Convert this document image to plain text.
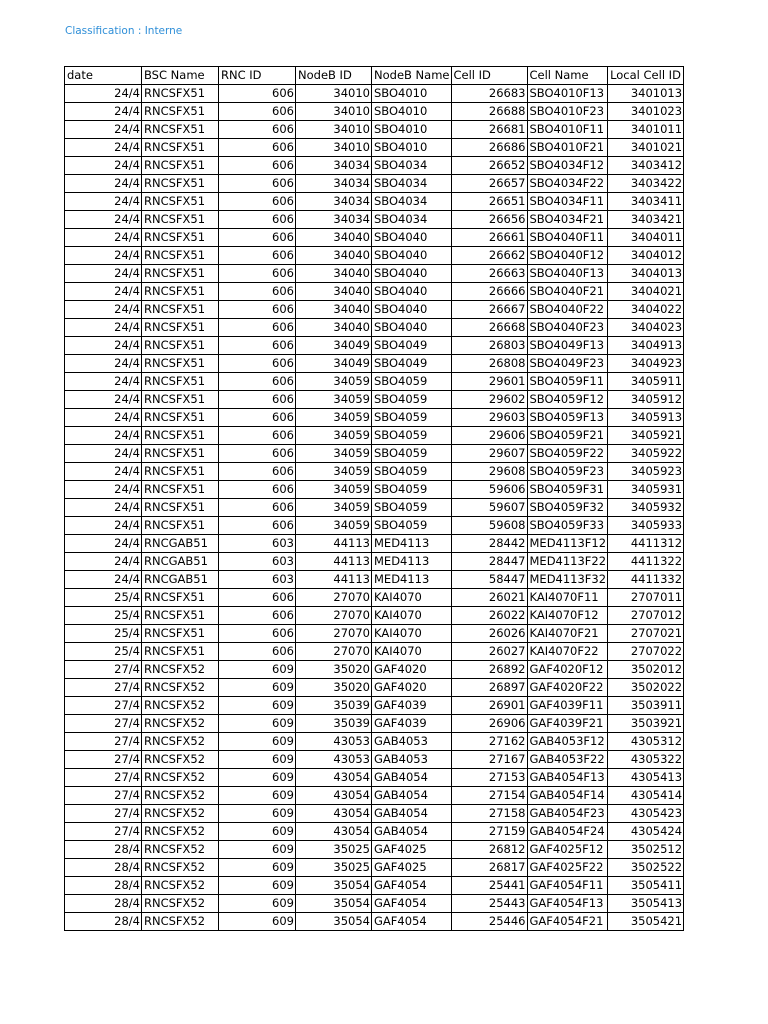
Classification : Interne
date	BSC Name	RNC ID	NodeB ID	NodeB Name	Cell ID	Cell Name	Local Cell ID
24/4	RNCSFX51	606	34010	SBO4010	26683	SBO4010F13	3401013
24/4	RNCSFX51	606	34010	SBO4010	26688	SBO4010F23	3401023
24/4	RNCSFX51	606	34010	SBO4010	26681	SBO4010F11	3401011
24/4	RNCSFX51	606	34010	SBO4010	26686	SBO4010F21	3401021
24/4	RNCSFX51	606	34034	SBO4034	26652	SBO4034F12	3403412
24/4	RNCSFX51	606	34034	SBO4034	26657	SBO4034F22	3403422
24/4	RNCSFX51	606	34034	SBO4034	26651	SBO4034F11	3403411
24/4	RNCSFX51	606	34034	SBO4034	26656	SBO4034F21	3403421
24/4	RNCSFX51	606	34040	SBO4040	26661	SBO4040F11	3404011
24/4	RNCSFX51	606	34040	SBO4040	26662	SBO4040F12	3404012
24/4	RNCSFX51	606	34040	SBO4040	26663	SBO4040F13	3404013
24/4	RNCSFX51	606	34040	SBO4040	26666	SBO4040F21	3404021
24/4	RNCSFX51	606	34040	SBO4040	26667	SBO4040F22	3404022
24/4	RNCSFX51	606	34040	SBO4040	26668	SBO4040F23	3404023
24/4	RNCSFX51	606	34049	SBO4049	26803	SBO4049F13	3404913
24/4	RNCSFX51	606	34049	SBO4049	26808	SBO4049F23	3404923
24/4	RNCSFX51	606	34059	SBO4059	29601	SBO4059F11	3405911
24/4	RNCSFX51	606	34059	SBO4059	29602	SBO4059F12	3405912
24/4	RNCSFX51	606	34059	SBO4059	29603	SBO4059F13	3405913
24/4	RNCSFX51	606	34059	SBO4059	29606	SBO4059F21	3405921
24/4	RNCSFX51	606	34059	SBO4059	29607	SBO4059F22	3405922
24/4	RNCSFX51	606	34059	SBO4059	29608	SBO4059F23	3405923
24/4	RNCSFX51	606	34059	SBO4059	59606	SBO4059F31	3405931
24/4	RNCSFX51	606	34059	SBO4059	59607	SBO4059F32	3405932
24/4	RNCSFX51	606	34059	SBO4059	59608	SBO4059F33	3405933
24/4	RNCGAB51	603	44113	MED4113	28442	MED4113F12	4411312
24/4	RNCGAB51	603	44113	MED4113	28447	MED4113F22	4411322
24/4	RNCGAB51	603	44113	MED4113	58447	MED4113F32	4411332
25/4	RNCSFX51	606	27070	KAI4070	26021	KAI4070F11	2707011
25/4	RNCSFX51	606	27070	KAI4070	26022	KAI4070F12	2707012
25/4	RNCSFX51	606	27070	KAI4070	26026	KAI4070F21	2707021
25/4	RNCSFX51	606	27070	KAI4070	26027	KAI4070F22	2707022
27/4	RNCSFX52	609	35020	GAF4020	26892	GAF4020F12	3502012
27/4	RNCSFX52	609	35020	GAF4020	26897	GAF4020F22	3502022
27/4	RNCSFX52	609	35039	GAF4039	26901	GAF4039F11	3503911
27/4	RNCSFX52	609	35039	GAF4039	26906	GAF4039F21	3503921
27/4	RNCSFX52	609	43053	GAB4053	27162	GAB4053F12	4305312
27/4	RNCSFX52	609	43053	GAB4053	27167	GAB4053F22	4305322
27/4	RNCSFX52	609	43054	GAB4054	27153	GAB4054F13	4305413
27/4	RNCSFX52	609	43054	GAB4054	27154	GAB4054F14	4305414
27/4	RNCSFX52	609	43054	GAB4054	27158	GAB4054F23	4305423
27/4	RNCSFX52	609	43054	GAB4054	27159	GAB4054F24	4305424
28/4	RNCSFX52	609	35025	GAF4025	26812	GAF4025F12	3502512
28/4	RNCSFX52	609	35025	GAF4025	26817	GAF4025F22	3502522
28/4	RNCSFX52	609	35054	GAF4054	25441	GAF4054F11	3505411
28/4	RNCSFX52	609	35054	GAF4054	25443	GAF4054F13	3505413
28/4	RNCSFX52	609	35054	GAF4054	25446	GAF4054F21	3505421
